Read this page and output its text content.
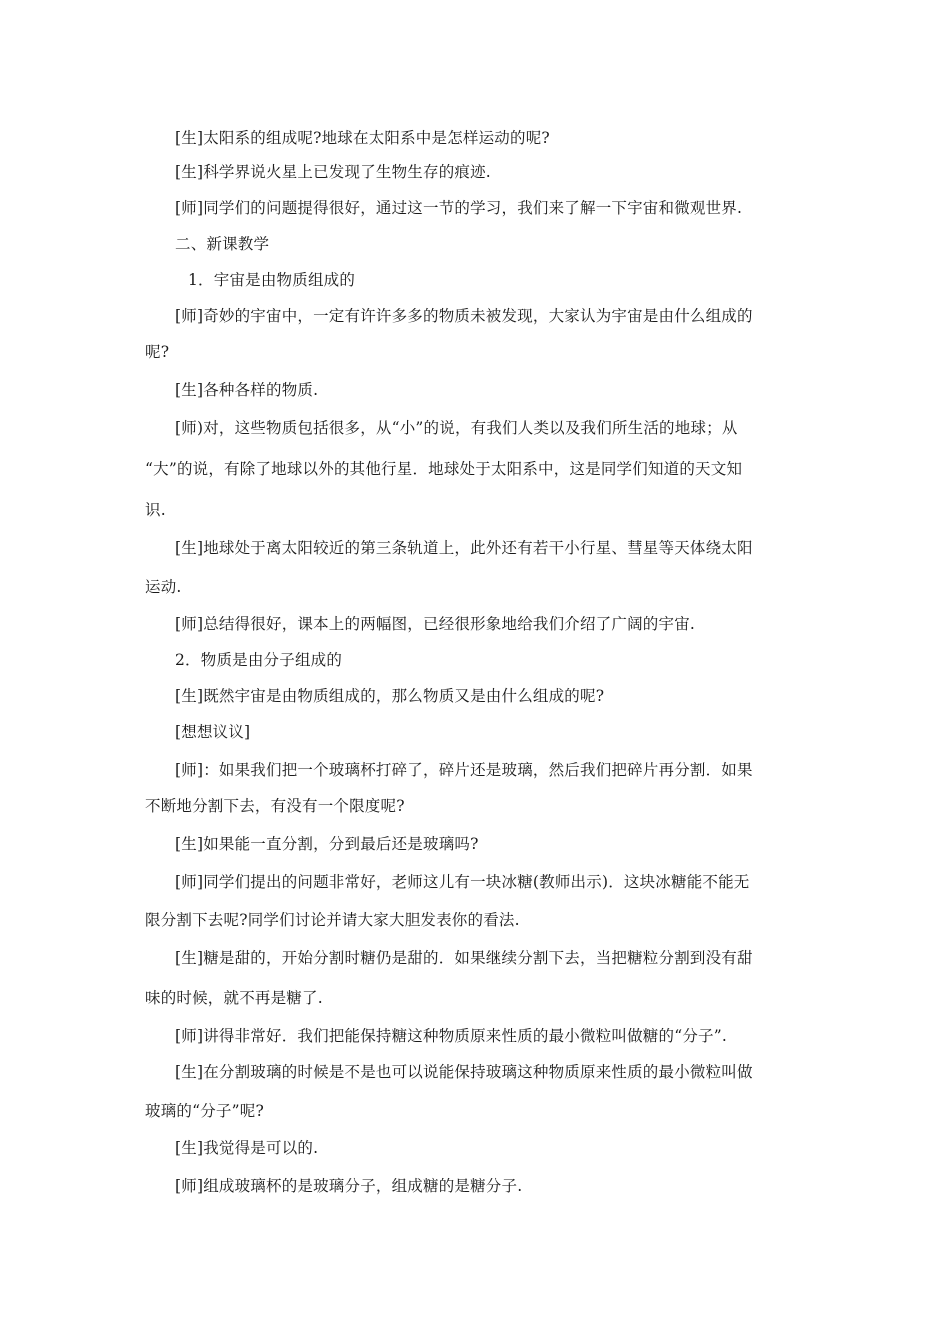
[生]太阳系的组成呢?地球在太阳系中是怎样运动的呢?
[生]科学界说火星上已发现了生物生存的痕迹.
[师]同学们的问题提得很好，通过这一节的学习，我们来了解一下宇宙和微观世界.
二、新课教学
1．宇宙是由物质组成的
[师]奇妙的宇宙中，一定有许许多多的物质未被发现，大家认为宇宙是由什么组成的
呢?
[生]各种各样的物质.
[师)对，这些物质包括很多，从“小”的说，有我们人类以及我们所生活的地球；从
“大”的说，有除了地球以外的其他行星．地球处于太阳系中，这是同学们知道的天文知
识.
[生]地球处于离太阳较近的第三条轨道上，此外还有若干小行星、彗星等天体绕太阳
运动.
[师]总结得很好，课本上的两幅图，已经很形象地给我们介绍了广阔的宇宙.
2．物质是由分子组成的
[生]既然宇宙是由物质组成的，那么物质又是由什么组成的呢?
[想想议议]
[师]：如果我们把一个玻璃杯打碎了，碎片还是玻璃，然后我们把碎片再分割．如果
不断地分割下去，有没有一个限度呢?
[生]如果能一直分割，分到最后还是玻璃吗?
[师]同学们提出的问题非常好，老师这儿有一块冰糖(教师出示)．这块冰糖能不能无
限分割下去呢?同学们讨论并请大家大胆发表你的看法.
[生]糖是甜的，开始分割时糖仍是甜的．如果继续分割下去，当把糖粒分割到没有甜
味的时候，就不再是糖了.
[师]讲得非常好．我们把能保持糖这种物质原来性质的最小微粒叫做糖的“分子”.
[生]在分割玻璃的时候是不是也可以说能保持玻璃这种物质原来性质的最小微粒叫做
玻璃的“分子”呢?
[生]我觉得是可以的.
[师]组成玻璃杯的是玻璃分子，组成糖的是糖分子.
